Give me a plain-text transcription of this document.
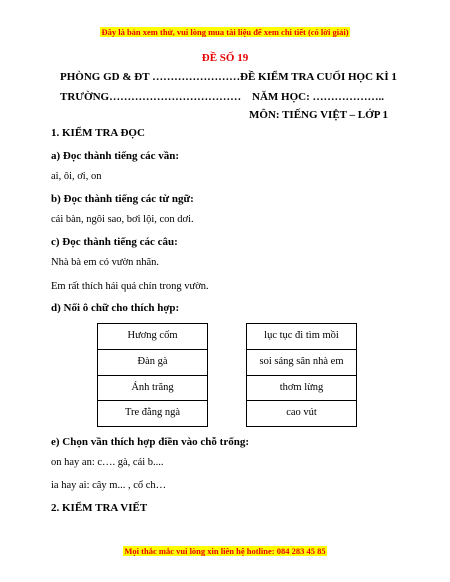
Đây là bản xem thử, vui lòng mua tài liệu để xem chi tiết (có lời giải)
ĐỀ SỐ 19
PHÒNG GD & ĐT ……………………
TRƯỜNG………………………………
ĐỀ KIỂM TRA CUỐI HỌC KÌ 1
NĂM HỌC: ………………..
MÔN: TIẾNG VIỆT – LỚP 1
1. KIỂM TRA ĐỌC
a) Đọc thành tiếng các vần:
ai, ôi, ơi, on
b) Đọc thành tiếng các từ ngữ:
cái bàn, ngôi sao, bơi lội, con dơi.
c) Đọc thành tiếng các câu:
Nhà bà em có vườn nhãn.
Em rất thích hái quả chín trong vườn.
d) Nối ô chữ cho thích hợp:
Hương cốm
Đàn gà
Ánh trăng
Tre đằng ngà
lục tục đi tìm mồi
soi sáng sân nhà em
thơm lừng
cao vút
e) Chọn vần thích hợp điền vào chỗ trống:
on hay an: c…. gà, cái b....
ia hay ai: cây m... , cổ ch…
2. KIỂM TRA VIẾT
Mọi thắc mắc vui lòng xin liên hệ hotline: 084 283 45 85
